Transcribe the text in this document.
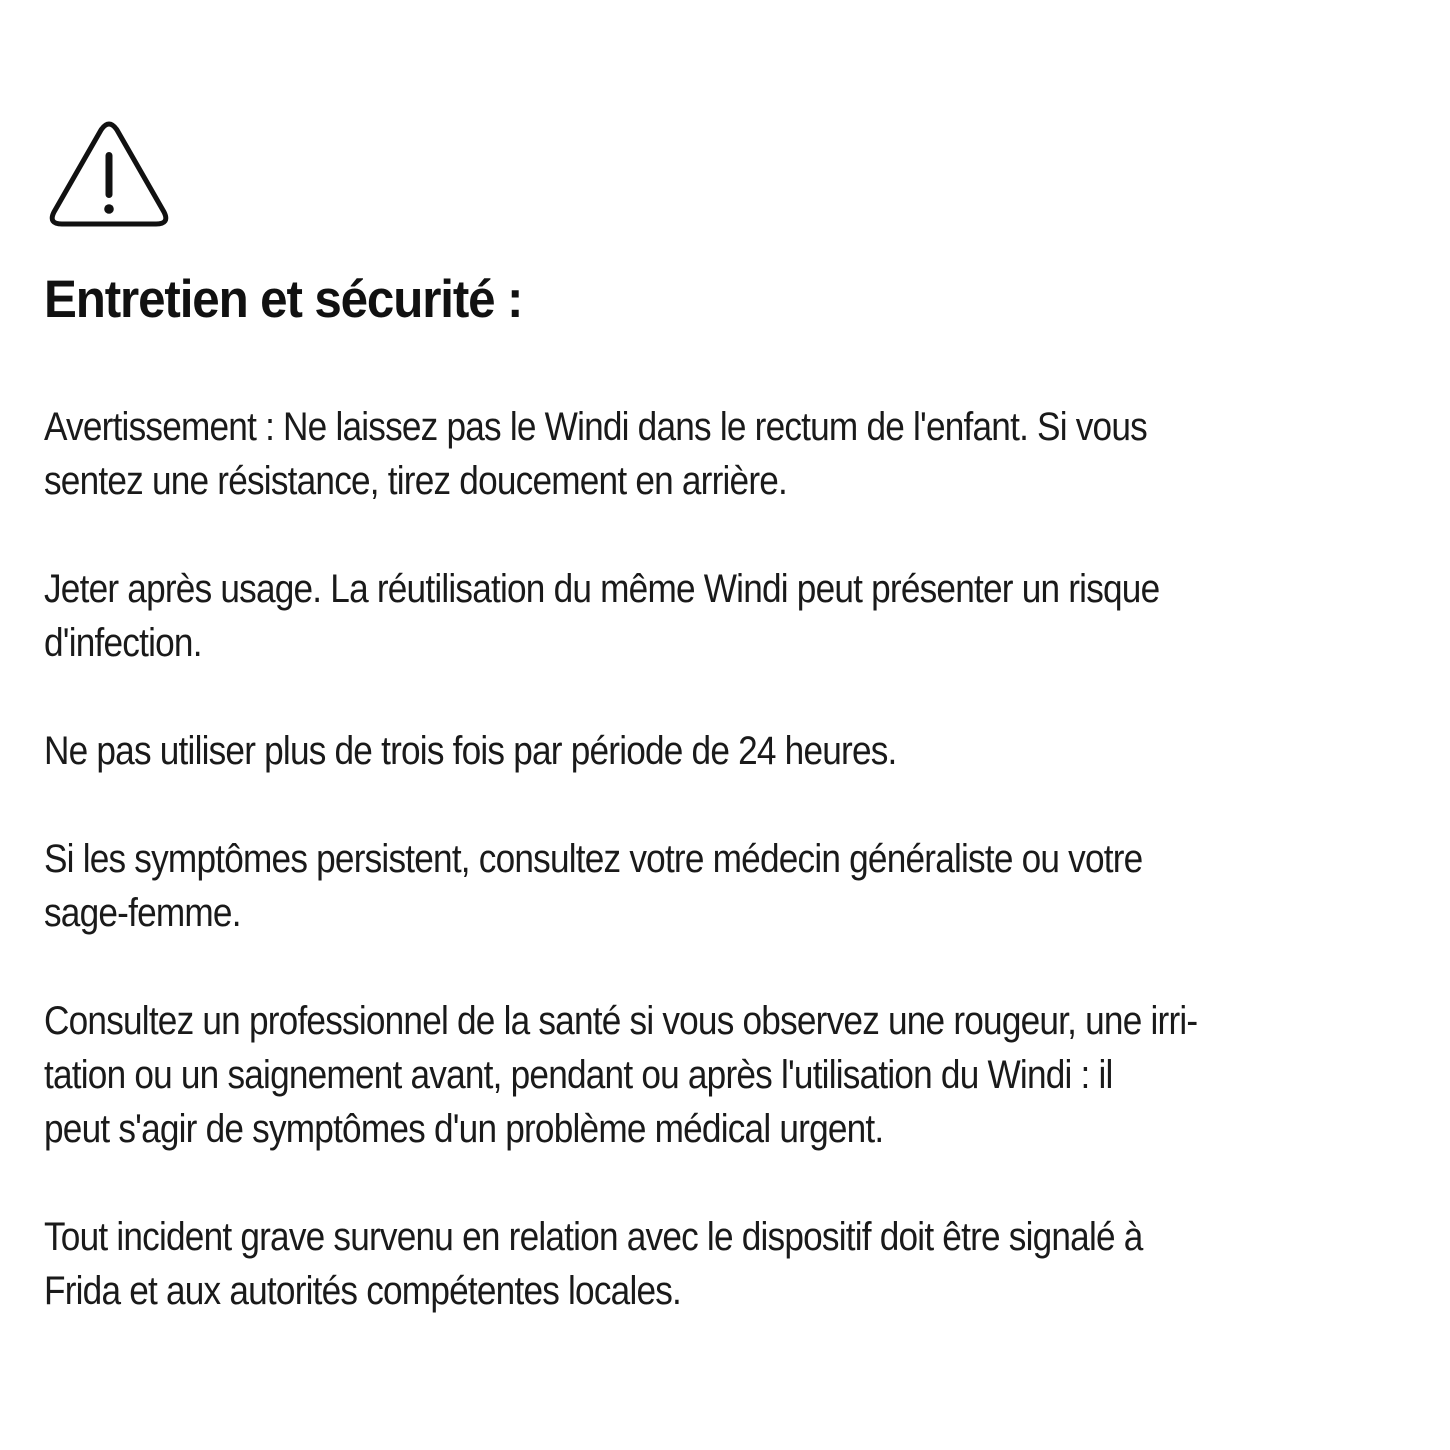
Entretien et sécurité :

Avertissement : Ne laissez pas le Windi dans le rectum de l'enfant. Si vous
sentez une résistance, tirez doucement en arrière.

Jeter après usage. La réutilisation du même Windi peut présenter un risque
d'infection.

Ne pas utiliser plus de trois fois par période de 24 heures.

Si les symptômes persistent, consultez votre médecin généraliste ou votre
sage-femme.

Consultez un professionnel de la santé si vous observez une rougeur, une irri-
tation ou un saignement avant, pendant ou après l'utilisation du Windi : il
peut s'agir de symptômes d'un problème médical urgent.

Tout incident grave survenu en relation avec le dispositif doit être signalé à
Frida et aux autorités compétentes locales.
